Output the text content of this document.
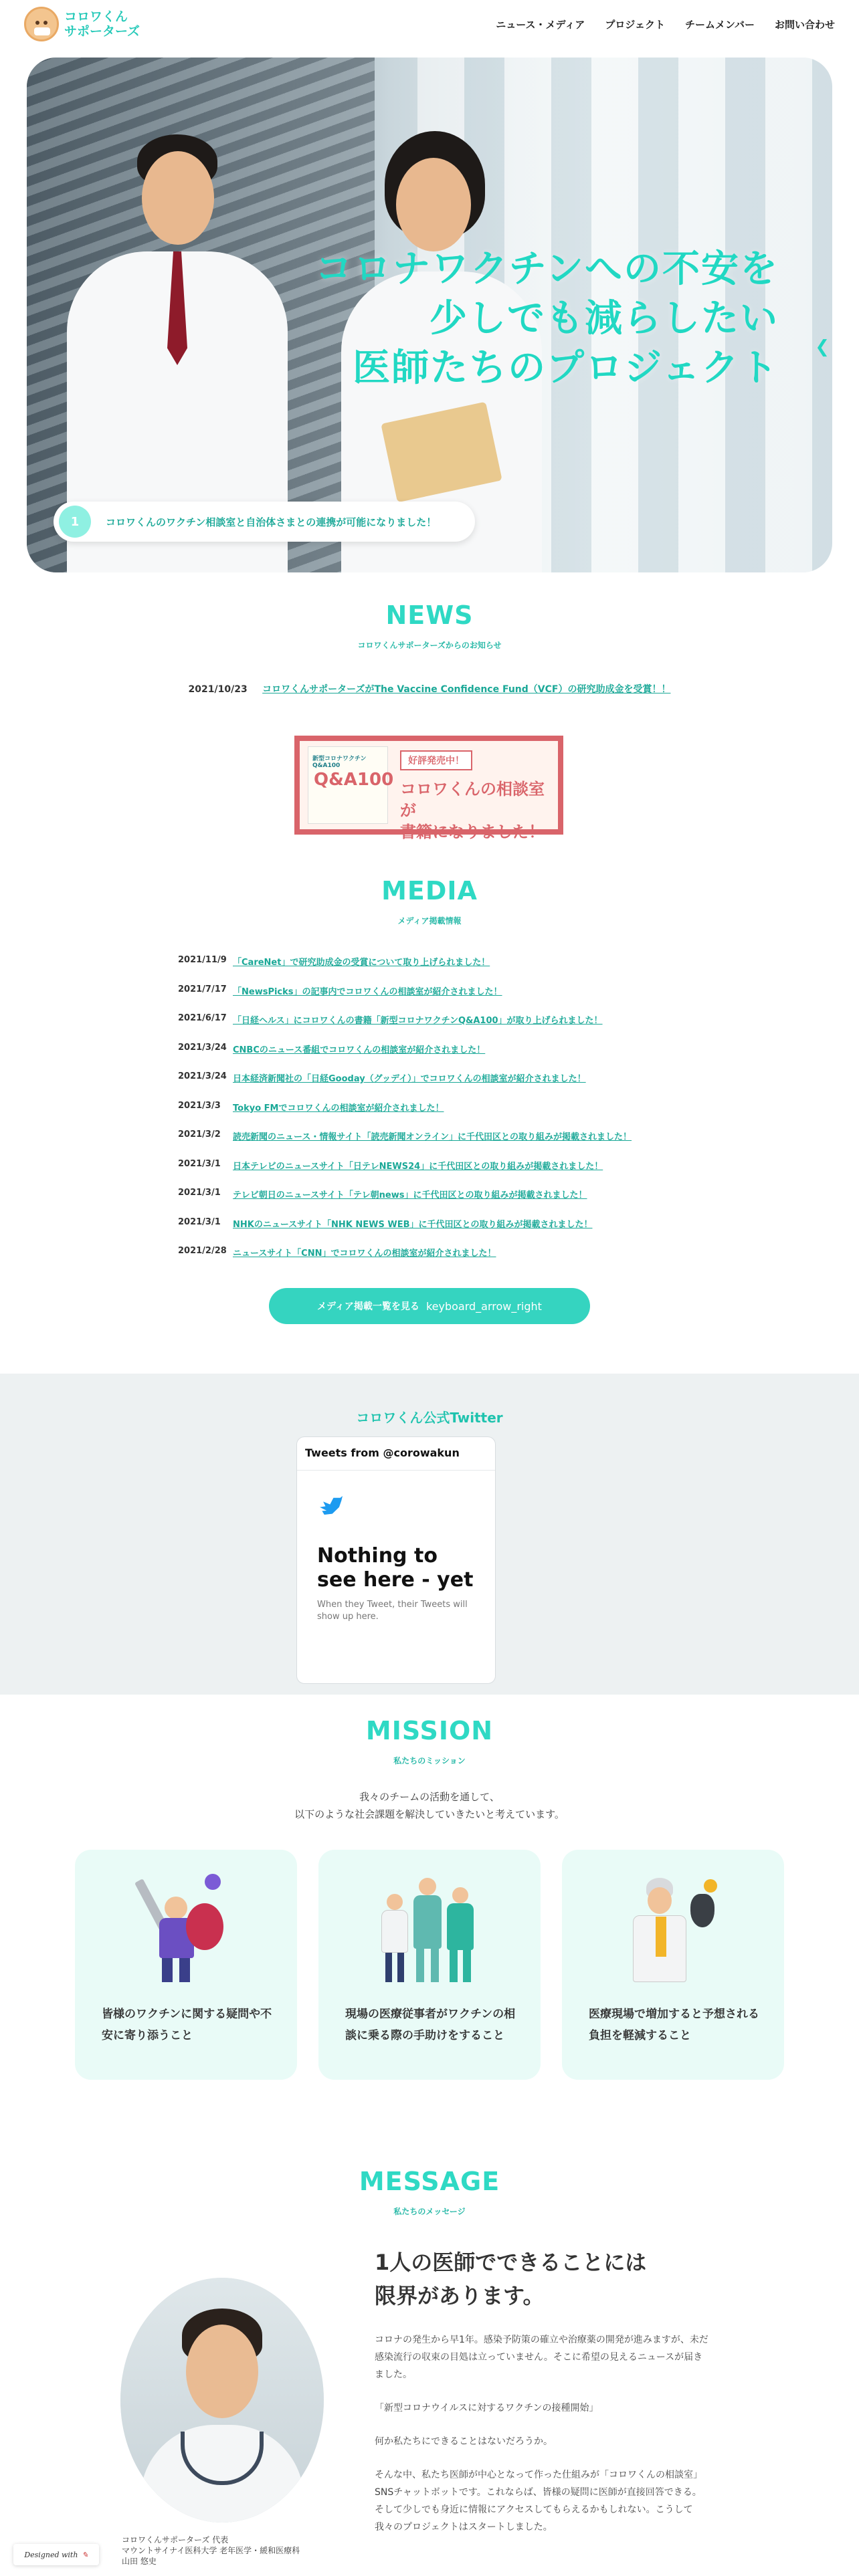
コロワくん
サポーターズ	ニュース・メディア プロジェクト チームメンバー お問い合わせ
コロナワクチンへの不安を
少しでも減らしたい
医師たちのプロジェクト ❮
1	コロワくんのワクチン相談室と自治体さまとの連携が可能になりました！
NEWS
コロワくんサポーターズからのお知らせ
2021/10/23 コロワくんサポーターズがThe Vaccine Confidence Fund（VCF）の研究助成金を受賞！！
新型コロナワクチンQ&A100
Q&A100
好評発売中！
コロワくんの相談室が
書籍になりました！
MEDIA
メディア掲載情報
2021/11/9 「CareNet」で研究助成金の受賞について取り上げられました！
2021/7/17 「NewsPicks」の記事内でコロワくんの相談室が紹介されました！
2021/6/17 「日経ヘルス」にコロワくんの書籍「新型コロナワクチンQ&A100」が取り上げられました！
2021/3/24 CNBCのニュース番組でコロワくんの相談室が紹介されました！
2021/3/24 日本経済新聞社の「日経Gooday（グッデイ）」でコロワくんの相談室が紹介されました！
2021/3/3	Tokyo FMでコロワくんの相談室が紹介されました！
2021/3/2	読売新聞のニュース・情報サイト「読売新聞オンライン」に千代田区との取り組みが掲載されました！
2021/3/1	日本テレビのニュースサイト「日テレNEWS24」に千代田区との取り組みが掲載されました！
2021/3/1	テレビ朝日のニュースサイト「テレ朝news」に千代田区との取り組みが掲載されました！
2021/3/1	NHKのニュースサイト「NHK NEWS WEB」に千代田区との取り組みが掲載されました！
2021/2/28 ニュースサイト「CNN」でコロワくんの相談室が紹介されました！
メディア掲載一覧を見る keyboard_arrow_right
コロワくん公式Twitter
Tweets from @corowakun
Nothing to see here - yet
When they Tweet, their Tweets will show up here.
MISSION
私たちのミッション
我々のチームの活動を通して、
以下のような社会課題を解決していきたいと考えています。
皆様のワクチンに関する疑問や不安に寄り添うこと
現場の医療従事者がワクチンの相談に乗る際の手助けをすること
医療現場で増加すると予想される負担を軽減すること
MESSAGE
私たちのメッセージ
コロワくんサポーターズ 代表
マウントサイナイ医科大学 老年医学・緩和医療科
山田 悠史
1人の医師でできることには
限界があります。

コロナの発生から早1年。感染予防策の確立や治療薬の開発が進みますが、未だ感染流行の収束の目処は立っていません。そこに希望の見えるニュースが届きました。

「新型コロナウイルスに対するワクチンの接種開始」

何か私たちにできることはないだろうか。

そんな中、私たち医師が中心となって作った仕組みが「コロワくんの相談室」SNSチャットボットです。これならば、皆様の疑問に医師が直接回答できる。そして少しでも身近に情報にアクセスしてもらえるかもしれない。こうして我々のプロジェクトはスタートしました。

Designed with ✎
